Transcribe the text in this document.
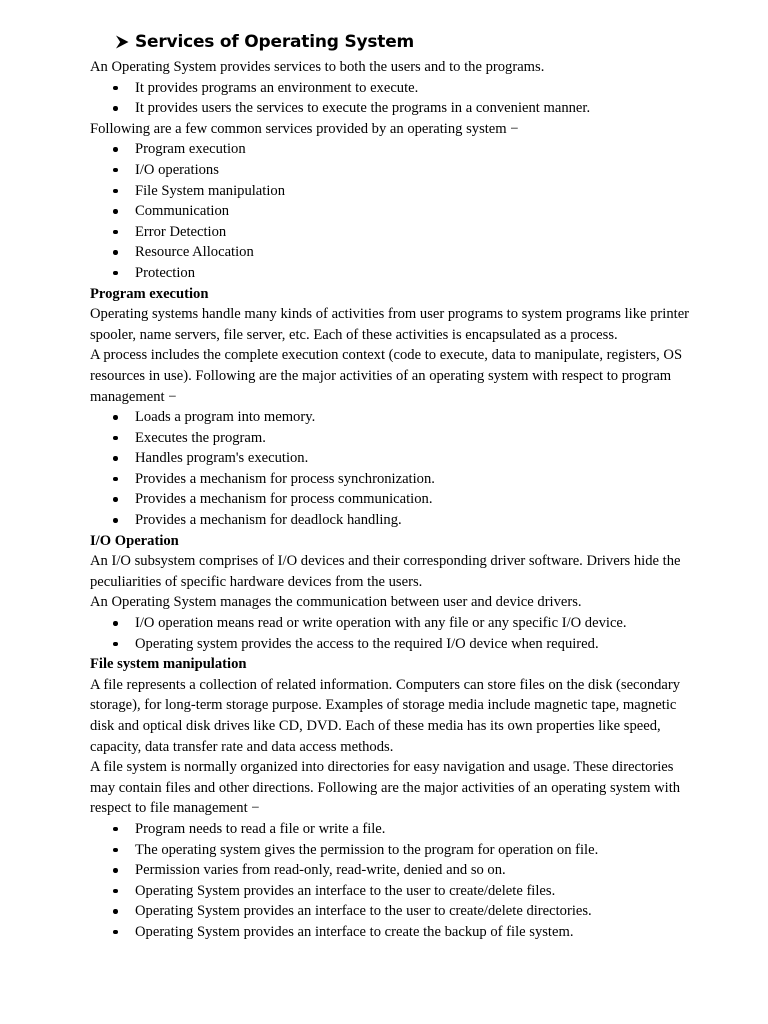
Services of Operating System

An Operating System provides services to both the users and to the programs.

It provides programs an environment to execute.
It provides users the services to execute the programs in a convenient manner.

Following are a few common services provided by an operating system −

Program execution
I/O operations
File System manipulation
Communication
Error Detection
Resource Allocation
Protection
Program execution

Operating systems handle many kinds of activities from user programs to system programs like printer spooler, name servers, file server, etc. Each of these activities is encapsulated as a process.

A process includes the complete execution context (code to execute, data to manipulate, registers, OS resources in use). Following are the major activities of an operating system with respect to program management −

Loads a program into memory.
Executes the program.
Handles program's execution.
Provides a mechanism for process synchronization.
Provides a mechanism for process communication.
Provides a mechanism for deadlock handling.
I/O Operation

An I/O subsystem comprises of I/O devices and their corresponding driver software. Drivers hide the peculiarities of specific hardware devices from the users.

An Operating System manages the communication between user and device drivers.

I/O operation means read or write operation with any file or any specific I/O device.
Operating system provides the access to the required I/O device when required.
File system manipulation

A file represents a collection of related information. Computers can store files on the disk (secondary storage), for long-term storage purpose. Examples of storage media include magnetic tape, magnetic disk and optical disk drives like CD, DVD. Each of these media has its own properties like speed, capacity, data transfer rate and data access methods.

A file system is normally organized into directories for easy navigation and usage. These directories may contain files and other directions. Following are the major activities of an operating system with respect to file management −

Program needs to read a file or write a file.
The operating system gives the permission to the program for operation on file.
Permission varies from read-only, read-write, denied and so on.
Operating System provides an interface to the user to create/delete files.
Operating System provides an interface to the user to create/delete directories.
Operating System provides an interface to create the backup of file system.
